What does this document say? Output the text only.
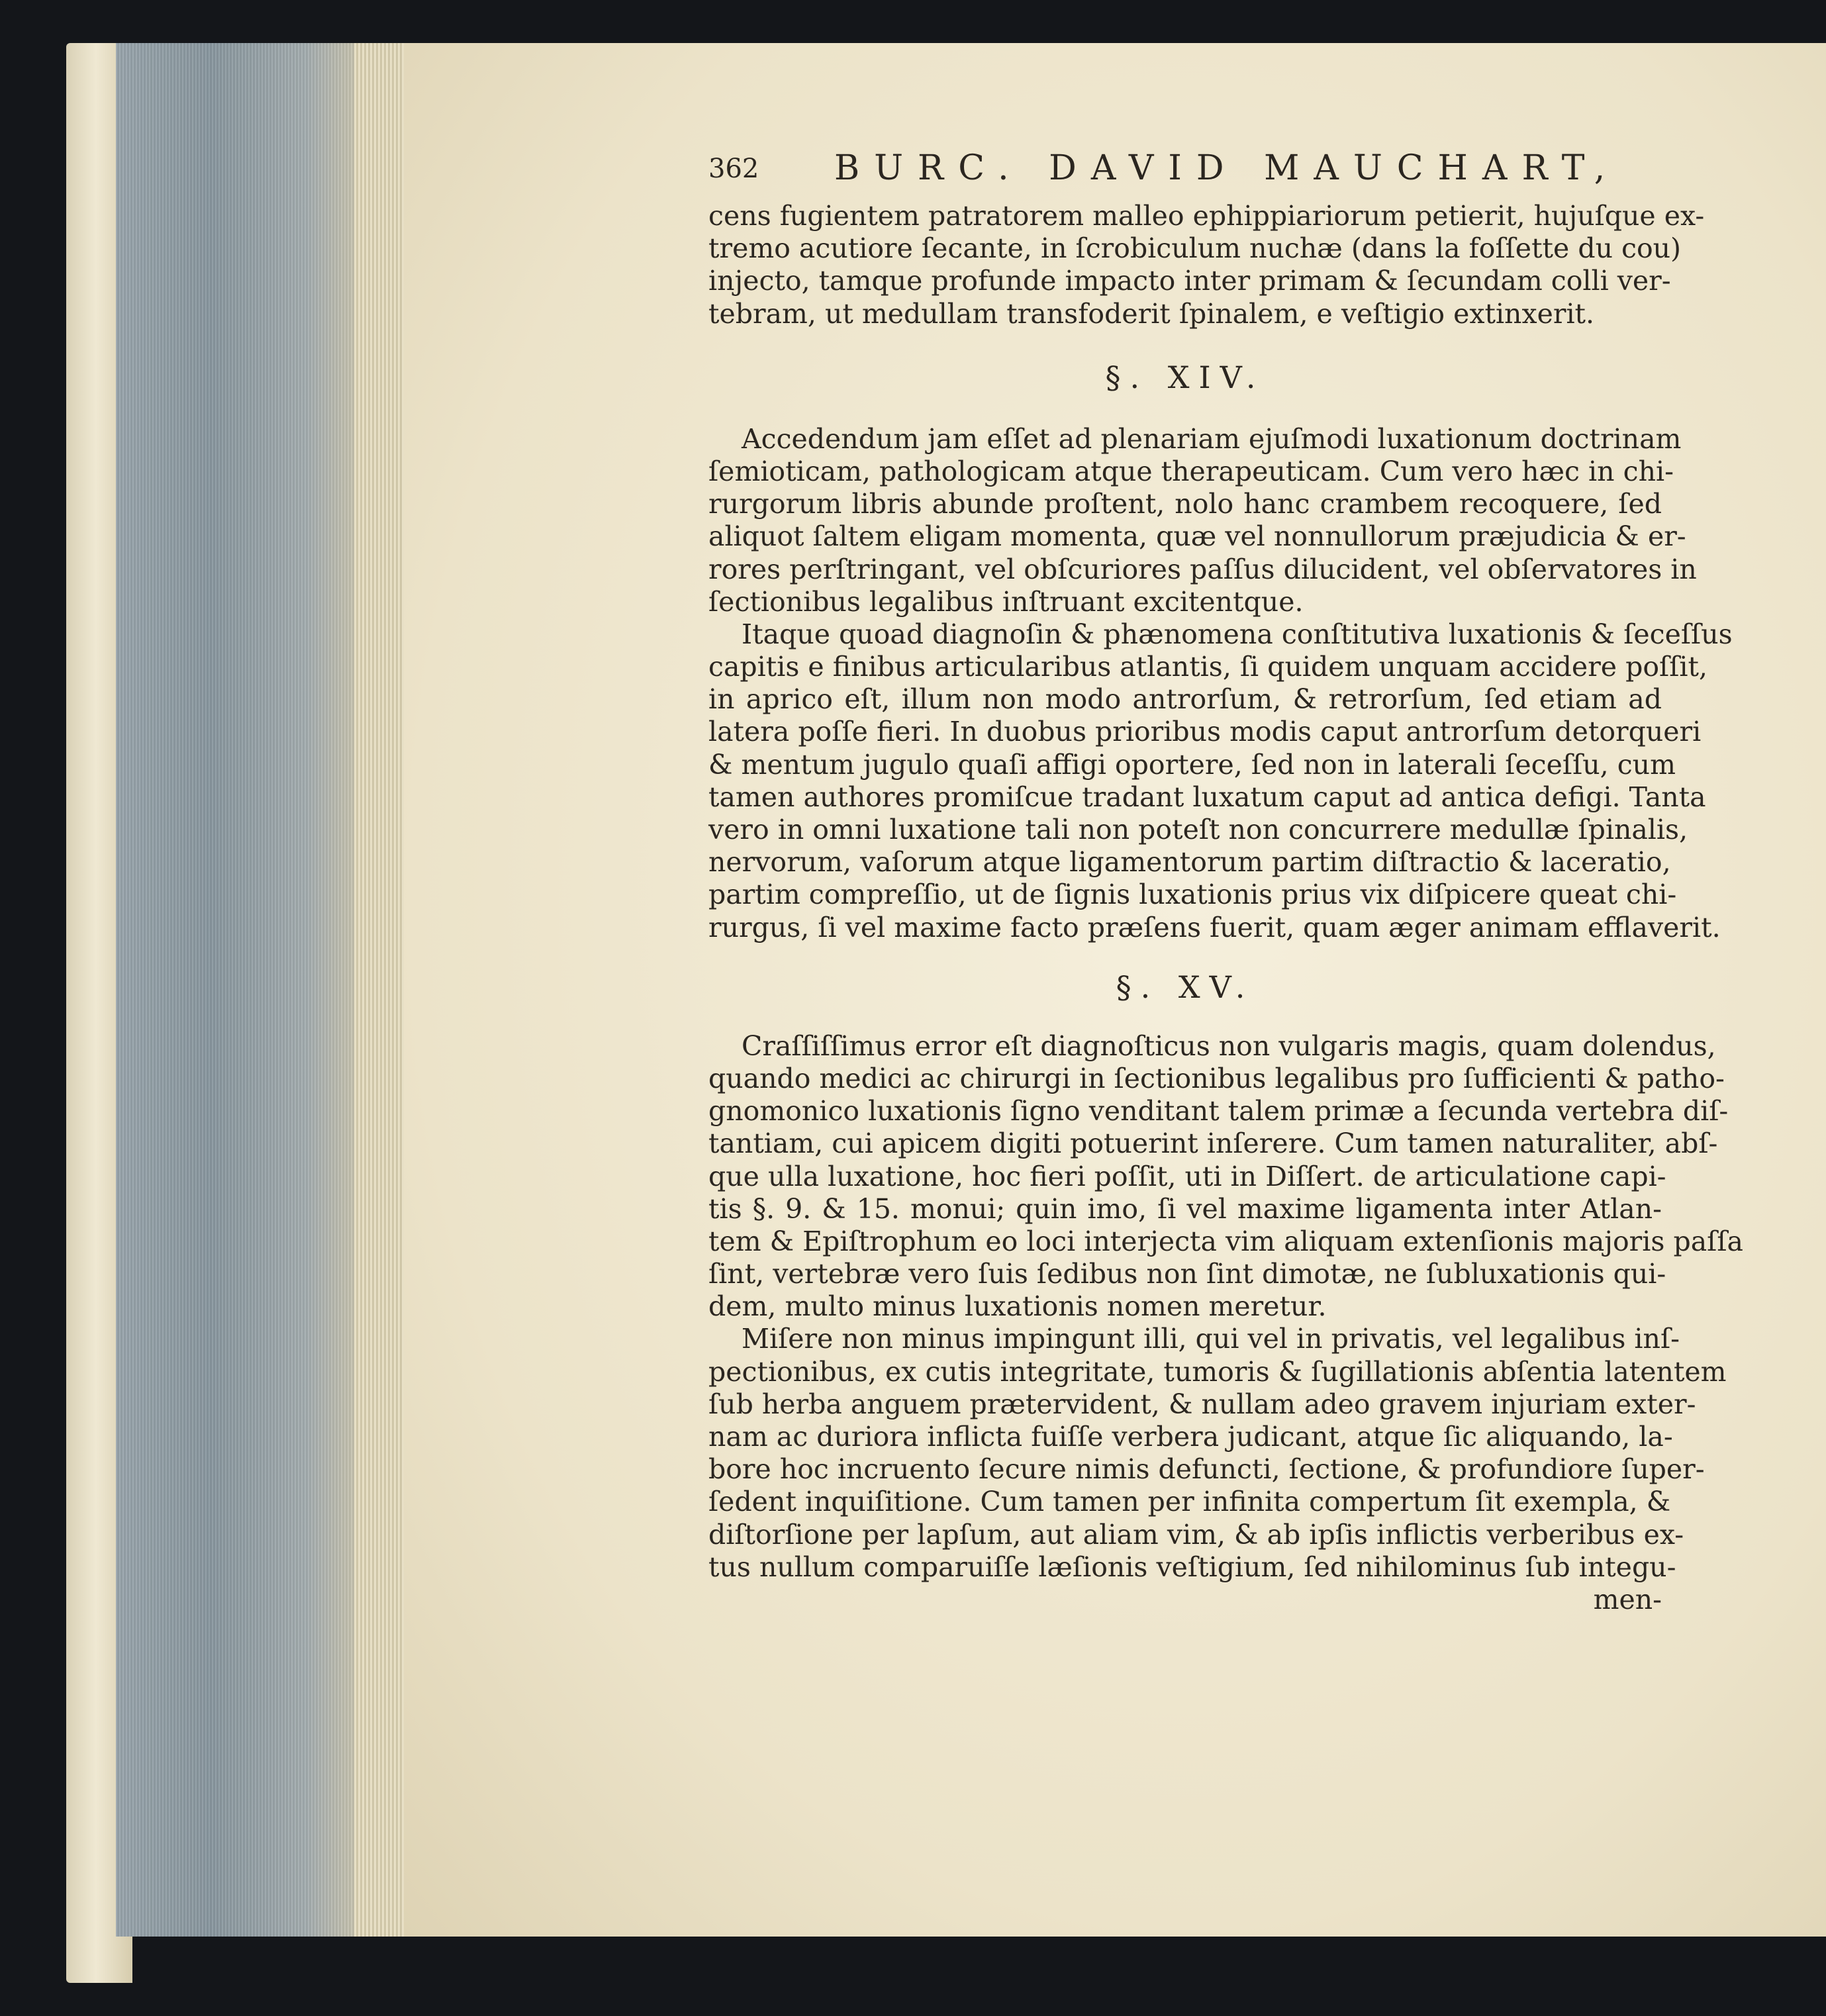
362 BURC. DAVID MAUCHART,
cens fugientem patratorem malleo ephippiariorum petierit, hujuſque ex-
tremo acutiore ſecante, in ſcrobiculum nuchæ (dans la foſſette du cou)
injecto, tamque profunde impacto inter primam & ſecundam colli ver-
tebram, ut medullam transfoderit ſpinalem, e veſtigio extinxerit.
§. XIV.
Accedendum jam eſſet ad plenariam ejuſmodi luxationum doctrinam
ſemioticam, pathologicam atque therapeuticam. Cum vero hæc in chi-
rurgorum libris abunde proſtent, nolo hanc crambem recoquere, ſed
aliquot ſaltem eligam momenta, quæ vel nonnullorum præjudicia & er-
rores perſtringant, vel obſcuriores paſſus dilucident, vel obſervatores in
ſectionibus legalibus inſtruant excitentque.
Itaque quoad diagnoſin & phænomena conſtitutiva luxationis & ſeceſſus
capitis e finibus articularibus atlantis, ſi quidem unquam accidere poſſit,
in aprico eſt, illum non modo antrorſum, & retrorſum, ſed etiam ad
latera poſſe fieri. In duobus prioribus modis caput antrorſum detorqueri
& mentum jugulo quaſi affigi oportere, ſed non in laterali ſeceſſu, cum
tamen authores promiſcue tradant luxatum caput ad antica defigi. Tanta
vero in omni luxatione tali non poteſt non concurrere medullæ ſpinalis,
nervorum, vaſorum atque ligamentorum partim diſtractio & laceratio,
partim compreſſio, ut de ſignis luxationis prius vix diſpicere queat chi-
rurgus, ſi vel maxime facto præſens fuerit, quam æger animam efflaverit.
§. XV.
Craſſiſſimus error eſt diagnoſticus non vulgaris magis, quam dolendus,
quando medici ac chirurgi in ſectionibus legalibus pro ſufficienti & patho-
gnomonico luxationis ſigno venditant talem primæ a ſecunda vertebra diſ-
tantiam, cui apicem digiti potuerint inſerere. Cum tamen naturaliter, abſ-
que ulla luxatione, hoc fieri poſſit, uti in Diſſert. de articulatione capi-
tis §. 9. & 15. monui; quin imo, ſi vel maxime ligamenta inter Atlan-
tem & Epiſtrophum eo loci interjecta vim aliquam extenſionis majoris paſſa
ſint, vertebræ vero ſuis ſedibus non ſint dimotæ, ne ſubluxationis qui-
dem, multo minus luxationis nomen meretur.
Miſere non minus impingunt illi, qui vel in privatis, vel legalibus inſ-
pectionibus, ex cutis integritate, tumoris & ſugillationis abſentia latentem
ſub herba anguem prætervident, & nullam adeo gravem injuriam exter-
nam ac duriora inflicta fuiſſe verbera judicant, atque ſic aliquando, la-
bore hoc incruento ſecure nimis defuncti, ſectione, & profundiore ſuper-
ſedent inquiſitione. Cum tamen per infinita compertum ſit exempla, &
diſtorſione per lapſum, aut aliam vim, & ab ipſis inflictis verberibus ex-
tus nullum comparuiſſe læſionis veſtigium, ſed nihilominus ſub integu-
men-
